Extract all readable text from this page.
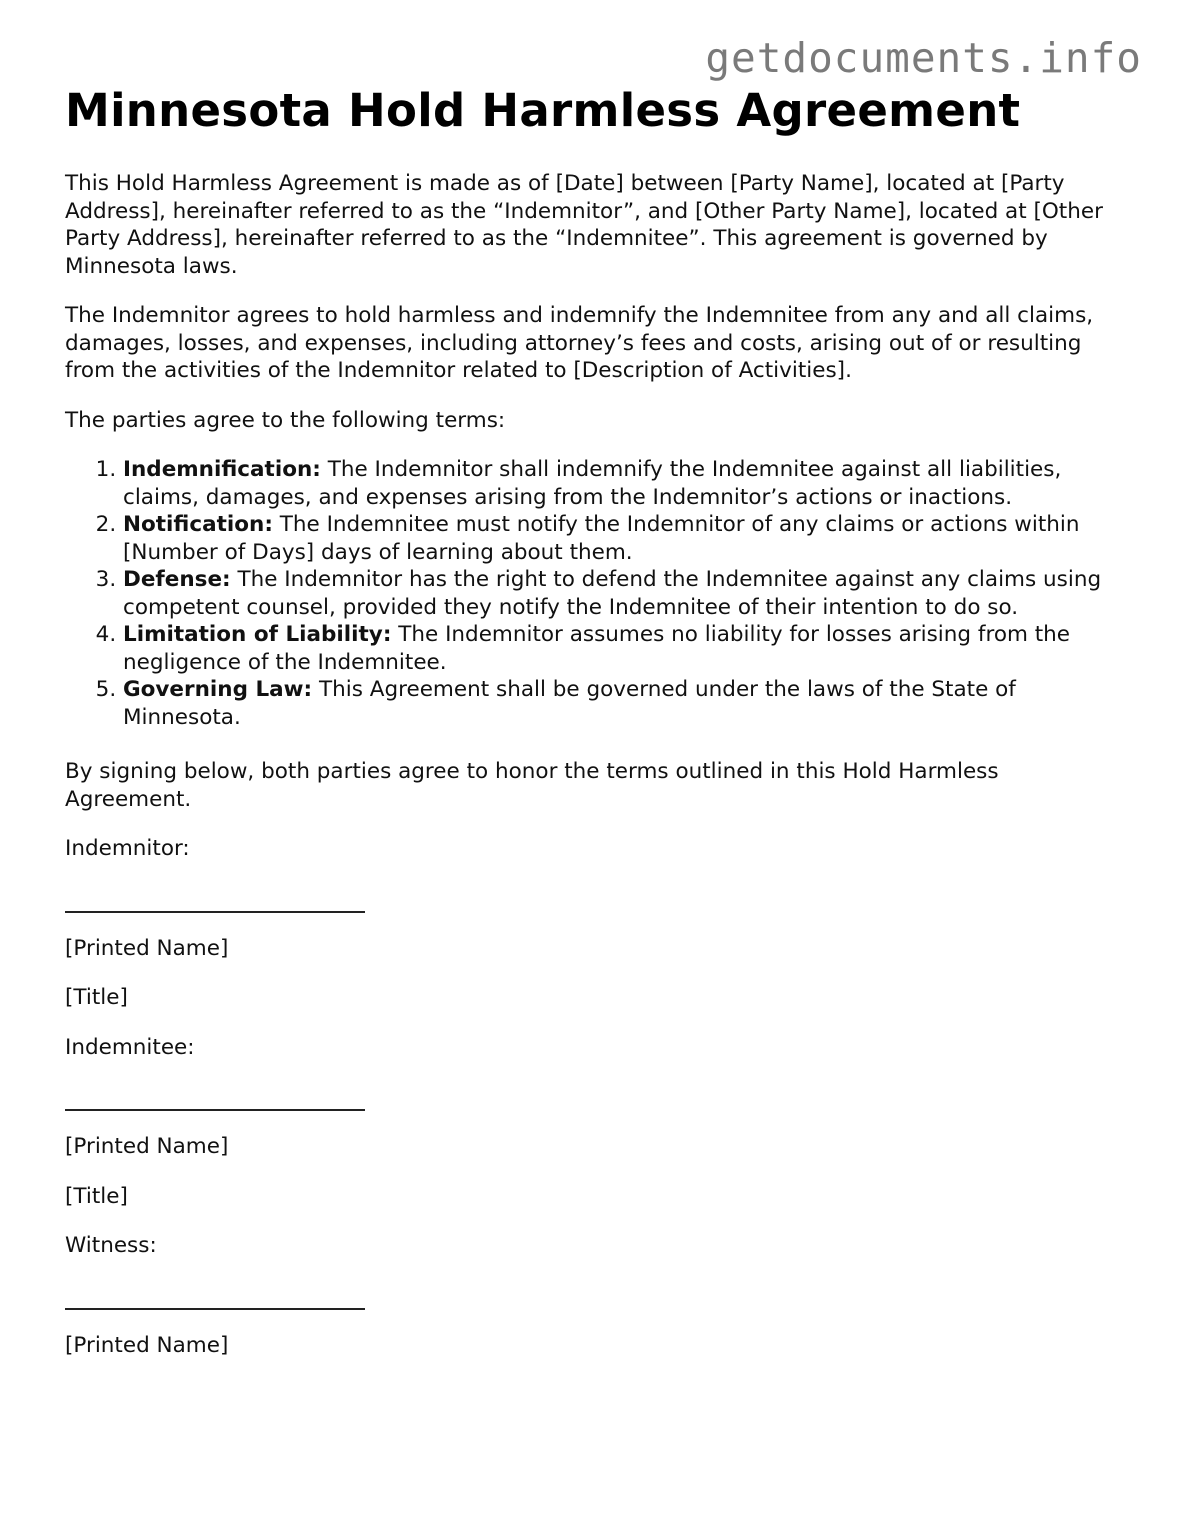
getdocuments.info
Minnesota Hold Harmless Agreement

This Hold Harmless Agreement is made as of [Date] between [Party Name], located at [Party Address], hereinafter referred to as the “Indemnitor”, and [Other Party Name], located at [Other Party Address], hereinafter referred to as the “Indemnitee”. This agreement is governed by Minnesota laws.

The Indemnitor agrees to hold harmless and indemnify the Indemnitee from any and all claims, damages, losses, and expenses, including attorney’s fees and costs, arising out of or resulting from the activities of the Indemnitor related to [Description of Activities].

The parties agree to the following terms:

1. Indemnification: The Indemnitor shall indemnify the Indemnitee against all liabilities, claims, damages, and expenses arising from the Indemnitor’s actions or inactions.
2. Notification: The Indemnitee must notify the Indemnitor of any claims or actions within [Number of Days] days of learning about them.
3. Defense: The Indemnitor has the right to defend the Indemnitee against any claims using competent counsel, provided they notify the Indemnitee of their intention to do so.
4. Limitation of Liability: The Indemnitor assumes no liability for losses arising from the negligence of the Indemnitee.
5. Governing Law: This Agreement shall be governed under the laws of the State of Minnesota.

By signing below, both parties agree to honor the terms outlined in this Hold Harmless Agreement.

Indemnitor:

[Printed Name]

[Title]

Indemnitee:

[Printed Name]

[Title]

Witness:

[Printed Name]
